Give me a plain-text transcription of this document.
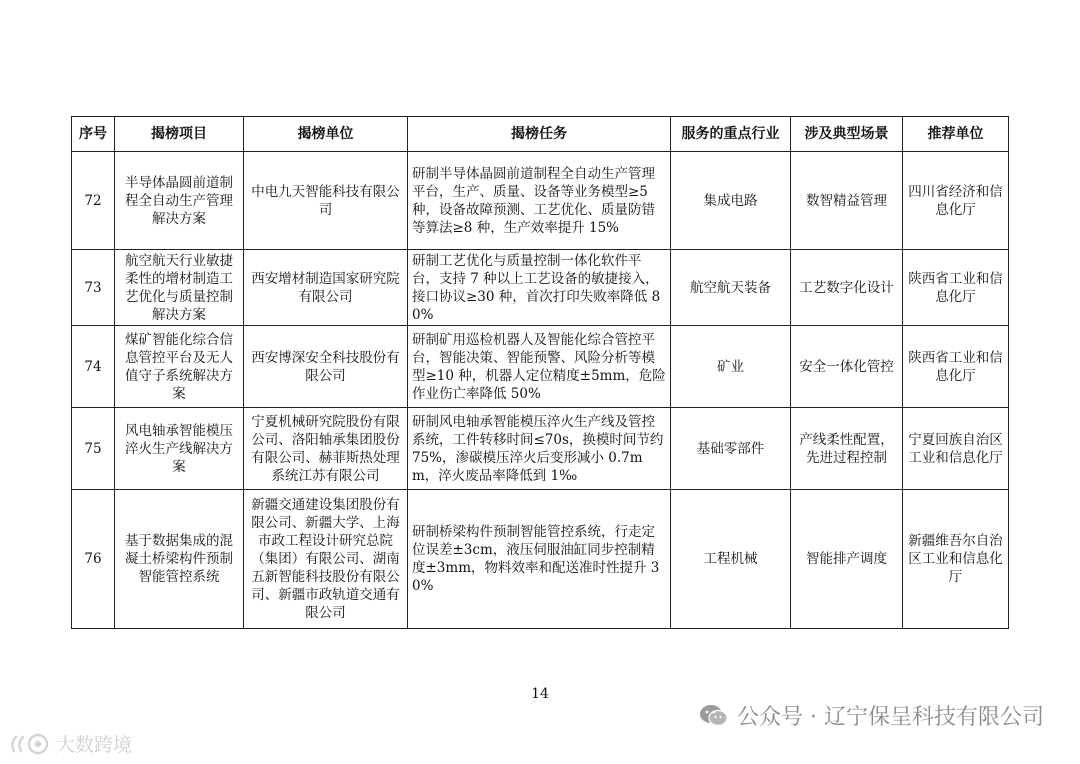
序号	揭榜项目	揭榜单位	揭榜任务	服务的重点行业	涉及典型场景	推荐单位
72	半导体晶圆前道制程全自动生产管理解决方案	中电九天智能科技有限公司	研制半导体晶圆前道制程全自动生产管理平台，生产、质量、设备等业务模型≥5 种，设备故障预测、工艺优化、质量防错等算法≥8 种，生产效率提升 15%	集成电路	数智精益管理	四川省经济和信息化厅
73	航空航天行业敏捷柔性的增材制造工艺优化与质量控制解决方案	西安增材制造国家研究院有限公司	研制工艺优化与质量控制一体化软件平台，支持 7 种以上工艺设备的敏捷接入，接口协议≥30 种，首次打印失败率降低 80%	航空航天装备	工艺数字化设计	陕西省工业和信息化厅
74	煤矿智能化综合信息管控平台及无人值守子系统解决方案	西安博深安全科技股份有限公司	研制矿用巡检机器人及智能化综合管控平台，智能决策、智能预警、风险分析等模型≥10 种，机器人定位精度±5mm，危险作业伤亡率降低 50%	矿业	安全一体化管控	陕西省工业和信息化厅
75	风电轴承智能模压淬火生产线解决方案	宁夏机械研究院股份有限公司、洛阳轴承集团股份有限公司、赫菲斯热处理系统江苏有限公司	研制风电轴承智能模压淬火生产线及管控系统，工件转移时间≤70s，换模时间节约 75%，渗碳模压淬火后变形减小 0.7mm，淬火废品率降低到 1‰	基础零部件	产线柔性配置，先进过程控制	宁夏回族自治区工业和信息化厅
76	基于数据集成的混凝土桥梁构件预制智能管控系统	新疆交通建设集团股份有限公司、新疆大学、上海市政工程设计研究总院（集团）有限公司、湖南五新智能科技股份有限公司、新疆市政轨道交通有限公司	研制桥梁构件预制智能管控系统，行走定位误差±3cm，液压伺服油缸同步控制精度±3mm，物料效率和配送准时性提升 30%	工程机械	智能排产调度	新疆维吾尔自治区工业和信息化厅
14
公众号 · 辽宁保呈科技有限公司
大数跨境
